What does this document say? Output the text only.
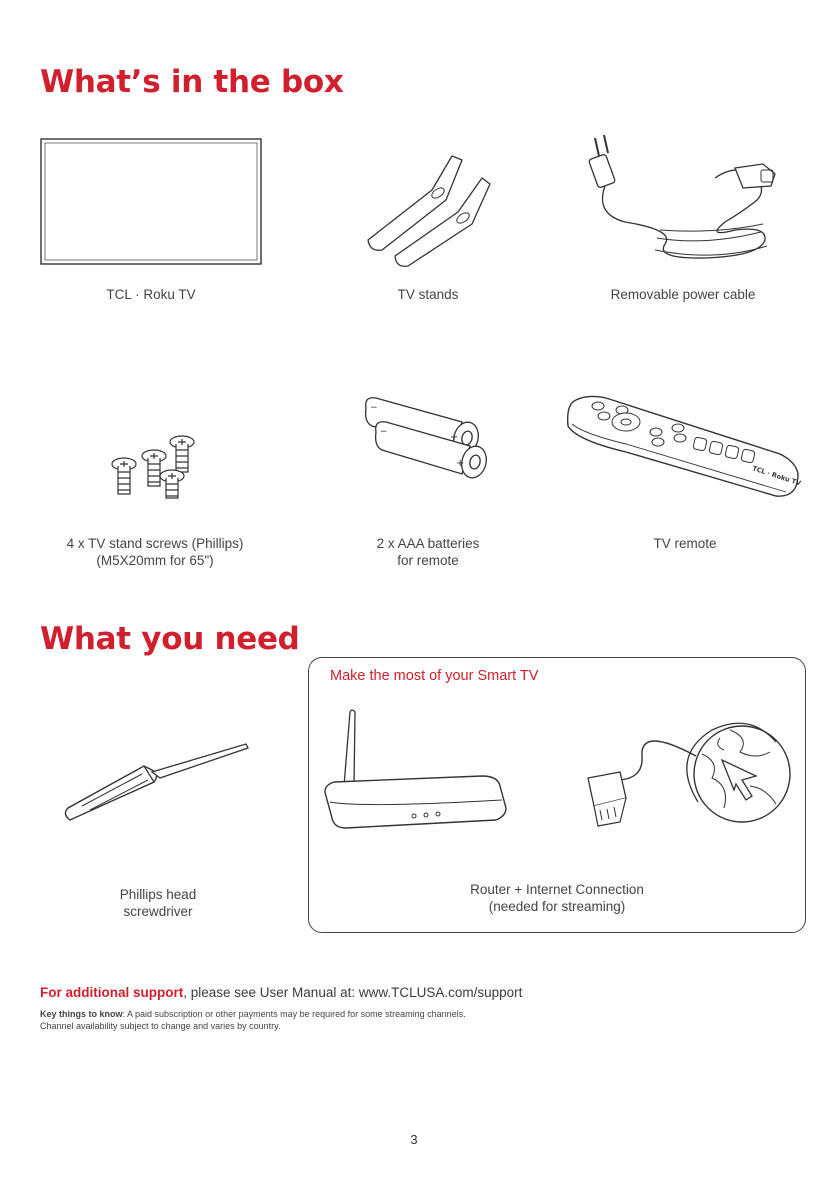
What’s in the box
TCL · Roku TV	TV stands	Removable power cable
4 x TV stand screws (Phillips)
(M5X20mm for 65")
+
+
−
−
2 x AAA batteries
for remote
TCL · Roku TV
TV remote
What you need
Phillips head
screwdriver
Make the most of your Smart TV
Router + Internet Connection
(needed for streaming)
For additional support, please see User Manual at: www.TCLUSA.com/support
Key things to know: A paid subscription or other payments may be required for some streaming channels.
Channel availability subject to change and varies by country.
3
